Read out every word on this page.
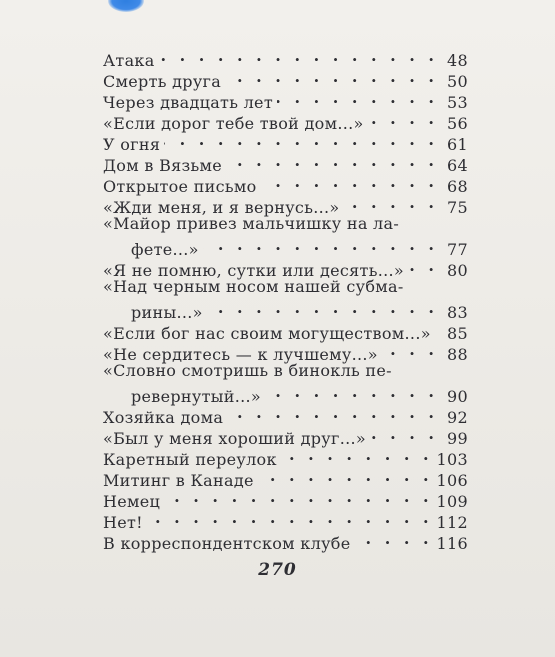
Атака . . .	48
Смерть друга . . .	50
Через двадцать лет . . .	53
«Если дорог тебе твой дом...» . . .	56
У огня . . .	61
Дом в Вязьме . . .	64
Открытое письмо . . .	68
«Жди меня, и я вернусь...» . . .	75
«Майор привез мальчишку на ла-
фете...» . . .	77
«Я не помню, сутки или десять...» . . .	80
«Над черным носом нашей субма-
рины...» . . .	83
«Если бог нас своим могуществом...» . . .	85
«Не сердитесь — к лучшему...» . . .	88
«Словно смотришь в бинокль пе-
ревернутый...» . . .	90
Хозяйка дома . . .	92
«Был у меня хороший друг...» . . .	99
Каретный переулок . . .	103
Митинг в Канаде . . .	106
Немец . . .	109
Нет! . . .	112
В корреспондентском клубе . . .	116
270
